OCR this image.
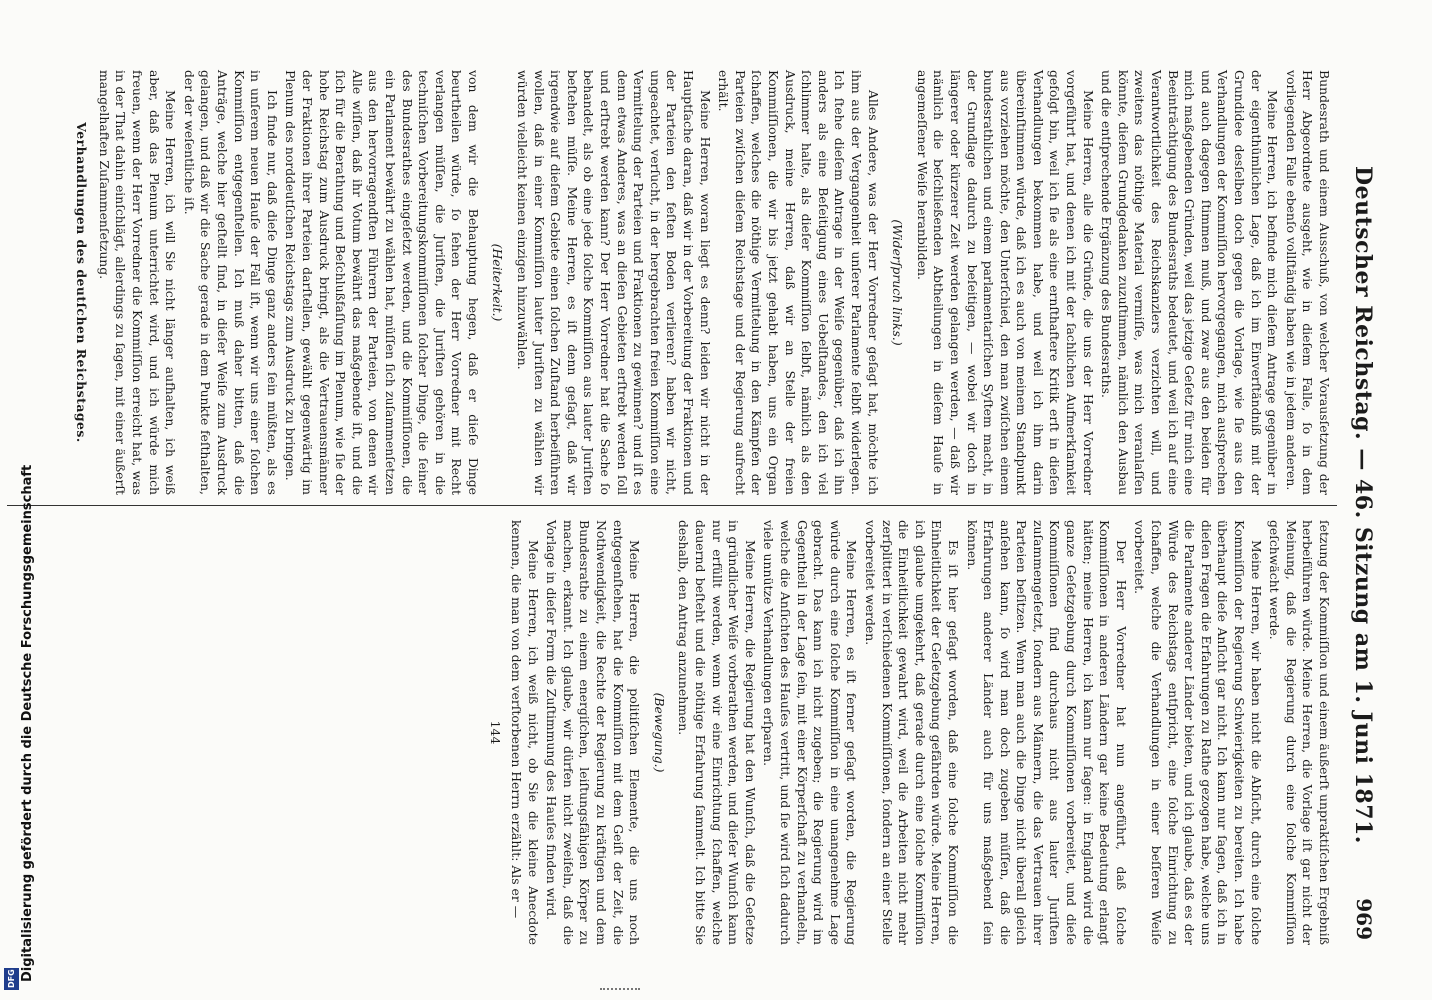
Deutscher Reichstag. — 46. Sitzung am 1. Juni 1871.
969

Bundesrath und einem Ausschuß, von welcher Vorausſetzung der Herr Abgeordnete ausgeht, wie in dieſem Falle, ſo in dem vorliegenden Falle ebenſo vollſtändig haben wie in jedem anderen.

Meine Herren, ich befinde mich dieſem Antrage gegenüber in der eigenthümlichen Lage, daß ich im Einverſtändniß mit der Grundidee desſelben doch gegen die Vorlage, wie ſie aus den Verhandlungen der Kommiſſion hervorgegangen, mich ausſprechen und auch dagegen ſtimmen muß, und zwar aus den beiden für mich maßgebenden Gründen, weil das jetzige Geſetz für mich eine Beeinträchtigung des Bundesraths bedeutet, und weil ich auf eine Verantwortlichkeit des Reichskanzlers verzichten will, und zweitens das nöthige Material vermiſſe, was mich veranlaſſen könnte, dieſem Grundgedanken zuzuſtimmen, nämlich den Ausbau und die entſprechende Ergänzung des Bundesraths.

Meine Herren, alle die Gründe, die uns der Herr Vorredner vorgeführt hat, und denen ich mit der ſachlichen Aufmerkſamkeit gefolgt bin, weil ich ſie als eine ernſthaftere Kritik erſt in dieſen Verhandlungen bekommen habe, und weil ich ihm darin übereinſtimmen würde, daß ich es auch von meinem Standpunkt aus vorziehen möchte, den Unterſchied, den man zwiſchen einem bundesrathlichen und einem parlamentariſchen Syſtem macht, in der Grundlage dadurch zu beſeitigen, — wobei wir doch in längerer oder kürzerer Zeit werden gelangen werden, — daß wir nämlich die beſchließenden Abtheilungen in dieſem Hauſe in angemeſſener Weiſe heranbilden.

(Widerſpruch links.)

Alles Andere, was der Herr Vorredner geſagt hat, möchte ich ihm aus der Vergangenheit unſerer Parlamente ſelbſt widerlegen. Ich ſtehe dieſem Antrage in der Weiſe gegenüber, daß ich ihn anders als eine Beſeitigung eines Uebelſtandes, den ich viel ſchlimmer halte, als dieſer Kommiſſion ſelbſt, nämlich als den Ausdruck, meine Herren, daß wir an Stelle der freien Kommiſſionen, die wir bis jetzt gehabt haben, uns ein Organ ſchaffen, welches die nöthige Vermittelung in den Kämpfen der Parteien zwiſchen dieſem Reichstage und der Regierung aufrecht erhält.

Meine Herren, woran liegt es denn? leiden wir nicht in der Hauptſache daran, daß wir in der Vorbereitung der Fraktionen und der Parteien den feſten Boden verlieren? haben wir nicht, ungeachtet, verſucht, in der hergebrachten freien Kommiſſion eine Vermittelung der Parteien und Fraktionen zu gewinnen? und iſt es denn etwas Anderes, was an dieſen Gebieten erſtrebt werden ſoll und erſtrebt werden kann? Der Herr Vorredner hat die Sache ſo behandelt, als ob eine jede ſolche Kommiſſion aus lauter Juriſten beſtehen müſſe. Meine Herren, es iſt denn geſagt, daß wir irgendwie auf dieſem Gebiete einen ſolchen Zuſtand herbeiführen wollen, daß in einer Kommiſſion lauter Juriſten zu wählen wir würden vielleicht keinen einzigen hinzuwählen.

(Heiterkeit.)

von dem wir die Behauptung hegen, daß er dieſe Dinge beurtheilen würde, ſo ſehen der Herr Vorredner mit Recht verlangen müſſen, die Juriſten, die Juriſten gehören in die techniſchen Vorbereitungskommiſſionen ſolcher Dinge, die ſeiner des Bundesrathes eingeſetzt werden, und die Kommiſſionen, die ein Parlament bewährt zu wählen hat, müſſen ſich zuſammenſetzen aus den hervorragendſten Führern der Parteien, von denen wir Alle wiſſen, daß ihr Votum bewährt das maßgebende iſt, und die ſich für die Berathung und Beſchlußfaſſung im Plenum, wie ſie der hohe Reichstag zum Ausdruck bringt, als die Vertrauensmänner der Fraktionen ihrer Parteien darſtellen, gewählt gegenwärtig im Plenum des norddeutſchen Reichstags zum Ausdruck zu bringen.

Ich finde nur, daß dieſe Dinge ganz anders ſein müßten, als es in unſerem neuen Hauſe der Fall iſt, wenn wir uns einer ſolchen Kommiſſion entgegenſtellen. Ich muß daher bitten, daß die Anträge, welche hier geſtellt ſind, in dieſer Weiſe zum Ausdruck gelangen, und daß wir die Sache gerade in dem Punkte feſthalten, der der weſentliche iſt.

Meine Herren, ich will Sie nicht länger aufhalten, ich weiß aber, daß das Plenum unterrichtet wird, und ich würde mich freuen, wenn der Herr Vorredner die Kommiſſion erreicht hat, was in der That dahin einſchlägt, allerdings zu ſagen, mit einer äußerſt mangelhaften Zuſammenſetzung.

Verhandlungen des deutſchen Reichstages.

ſetzung der Kommiſſion und einem äußerſt unpraktiſchen Ergebniß herbeiführen würde. Meine Herren, die Vorlage iſt gar nicht der Meinung, daß die Regierung durch eine ſolche Kommiſſion geſchwächt werde.

Meine Herren, wir haben nicht die Abſicht, durch eine ſolche Kommiſſion der Regierung Schwierigkeiten zu bereiten. Ich habe überhaupt dieſe Anſicht gar nicht. Ich kann nur ſagen, daß ich in dieſen Fragen die Erfahrungen zu Rathe gezogen habe, welche uns die Parlamente anderer Länder bieten, und ich glaube, daß es der Würde des Reichstags entſpricht, eine ſolche Einrichtung zu ſchaffen, welche die Verhandlungen in einer beſſeren Weiſe vorbereitet.

Der Herr Vorredner hat nun angeführt, daß ſolche Kommiſſionen in anderen Ländern gar keine Bedeutung erlangt hätten; meine Herren, ich kann nur ſagen: in England wird die ganze Geſetzgebung durch Kommiſſionen vorbereitet, und dieſe Kommiſſionen ſind durchaus nicht aus lauter Juriſten zuſammengeſetzt, ſondern aus Männern, die das Vertrauen ihrer Parteien beſitzen. Wenn man auch die Dinge nicht überall gleich anſehen kann, ſo wird man doch zugeben müſſen, daß die Erfahrungen anderer Länder auch für uns maßgebend ſein können.

Es iſt hier geſagt worden, daß eine ſolche Kommiſſion die Einheitlichkeit der Geſetzgebung gefährden würde. Meine Herren, ich glaube umgekehrt, daß gerade durch eine ſolche Kommiſſion die Einheitlichkeit gewahrt wird, weil die Arbeiten nicht mehr zerſplittert in verſchiedenen Kommiſſionen, ſondern an einer Stelle vorbereitet werden.

Meine Herren, es iſt ferner geſagt worden, die Regierung würde durch eine ſolche Kommiſſion in eine unangenehme Lage gebracht. Das kann ich nicht zugeben; die Regierung wird im Gegentheil in der Lage ſein, mit einer Körperſchaft zu verhandeln, welche die Anſichten des Hauſes vertritt, und ſie wird ſich dadurch viele unnütze Verhandlungen erſparen.

Meine Herren, die Regierung hat den Wunſch, daß die Geſetze in gründlicher Weiſe vorberathen werden, und dieſer Wunſch kann nur erfüllt werden, wenn wir eine Einrichtung ſchaffen, welche dauernd beſteht und die nöthige Erfahrung ſammelt. Ich bitte Sie deshalb, den Antrag anzunehmen.

(Bewegung.)

Meine Herren, die politiſchen Elemente, die uns noch entgegenſtehen, hat die Kommiſſion mit dem Geiſt der Zeit, die Nothwendigkeit, die Rechte der Regierung zu kräftigen und dem Bundesrathe zu einem energiſchen, leiſtungsfähigen Körper zu machen, erkannt. Ich glaube, wir dürfen nicht zweifeln, daß die Vorlage in dieſer Form die Zuſtimmung des Hauſes finden wird.

Meine Herren, ich weiß nicht, ob Sie die kleine Anecdote kennen, die man von dem verſtorbenen Herrn erzählt: Als er —

144

Digitalisierung gefördert durch die Deutsche Forschungsgemeinschaft
DFG
